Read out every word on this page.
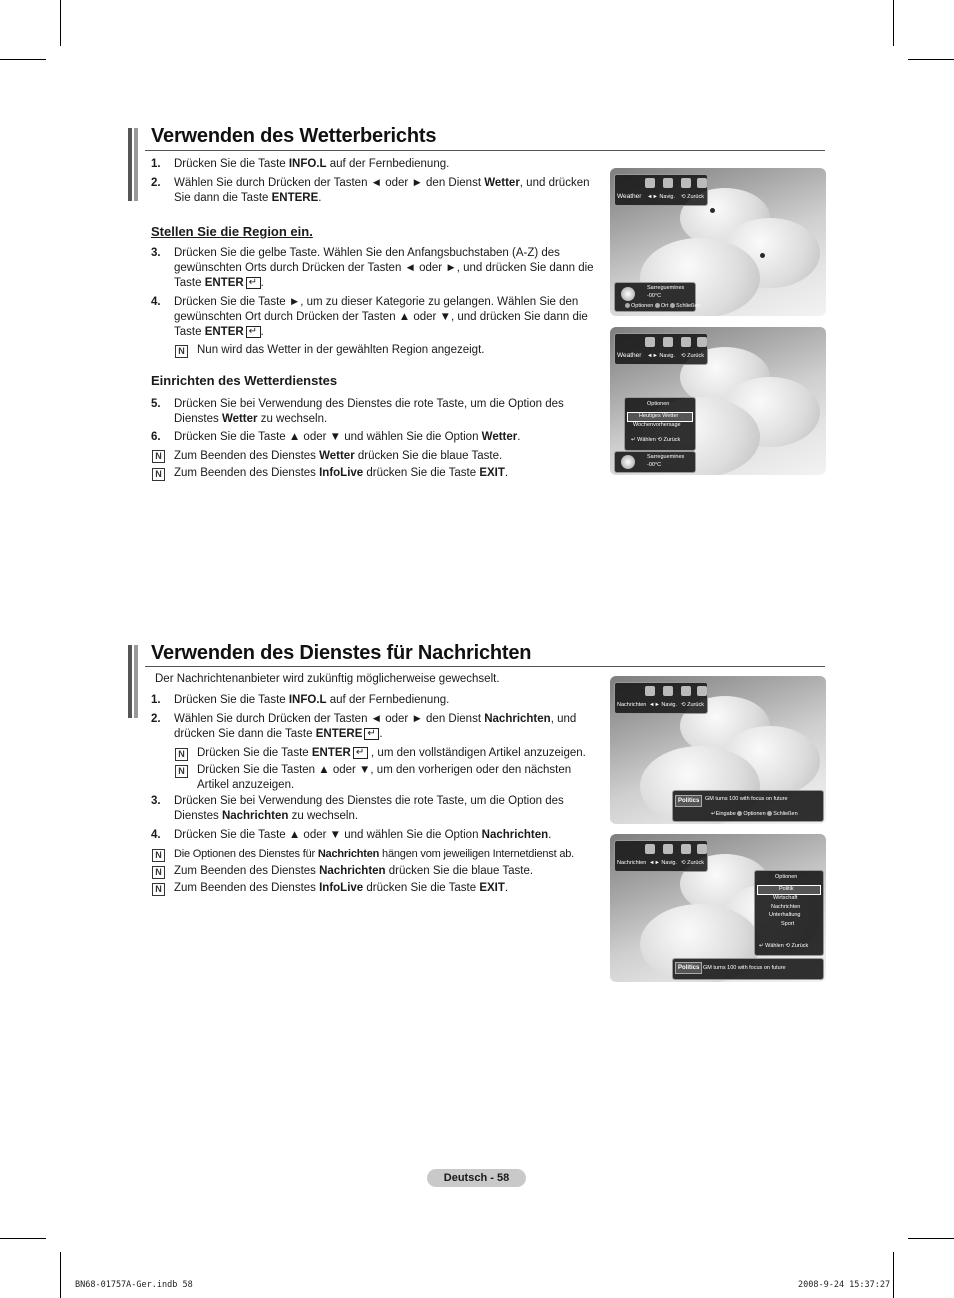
Verwenden des Wetterberichts
1. Drücken Sie die Taste INFO.L auf der Fernbedienung.
2. Wählen Sie durch Drücken der Tasten ◄ oder ► den Dienst Wetter, und drücken
Sie dann die Taste ENTERE.
Stellen Sie die Region ein.
3. Drücken Sie die gelbe Taste. Wählen Sie den Anfangsbuchstaben (A-Z) des
gewünschten Orts durch Drücken der Tasten ◄ oder ►, und drücken Sie dann die
Taste ENTER ↵ .
4. Drücken Sie die Taste ►, um zu dieser Kategorie zu gelangen. Wählen Sie den
gewünschten Ort durch Drücken der Tasten ▲ oder ▼, und drücken Sie dann die
Taste ENTER ↵ .
N Nun wird das Wetter in der gewählten Region angezeigt.
Einrichten des Wetterdienstes
5. Drücken Sie bei Verwendung des Dienstes die rote Taste, um die Option des
Dienstes Wetter zu wechseln.
6. Drücken Sie die Taste ▲ oder ▼ und wählen Sie die Option Wetter.
N Zum Beenden des Dienstes Wetter drücken Sie die blaue Taste.
N Zum Beenden des Dienstes InfoLive drücken Sie die Taste EXIT.
Weather ◄► Navig. ⟲ Zurück
Sarreguemines
-00°C
Optionen Ort Schließen
Weather ◄► Navig. ⟲ Zurück
Optionen
Heutiges Wetter
Wochenvorhersage
↵ Wählen ⟲ Zurück
Sarreguemines
-00°C
Verwenden des Dienstes für Nachrichten
Der Nachrichtenanbieter wird zukünftig möglicherweise gewechselt.
1. Drücken Sie die Taste INFO.L auf der Fernbedienung.
2. Wählen Sie durch Drücken der Tasten ◄ oder ► den Dienst Nachrichten, und
drücken Sie dann die Taste ENTERE ↵ .
N Drücken Sie die Taste ENTER↵ , um den vollständigen Artikel anzuzeigen.
N Drücken Sie die Tasten ▲ oder ▼, um den vorherigen oder den nächsten
Artikel anzuzeigen.
3. Drücken Sie bei Verwendung des Dienstes die rote Taste, um die Option des
Dienstes Nachrichten zu wechseln.
4. Drücken Sie die Taste ▲ oder ▼ und wählen Sie die Option Nachrichten.
N Die Optionen des Dienstes für Nachrichten hängen vom jeweiligen Internetdienst ab.
N Zum Beenden des Dienstes Nachrichten drücken Sie die blaue Taste.
N Zum Beenden des Dienstes InfoLive drücken Sie die Taste EXIT.
Nachrichten ◄► Navig. ⟲ Zurück
Politics	GM turns 100 with focus on future
↵Eingabe Optionen Schließen
Nachrichten ◄► Navig. ⟲ Zurück
Optionen
Politik
Wirtschaft
Nachrichten
Unterhaltung
Sport
↵ Wählen ⟲ Zurück
Politics GM turns 100 with focus on future
Deutsch - 58
BN68-01757A-Ger.indb 58	2008-9-24 15:37:27
